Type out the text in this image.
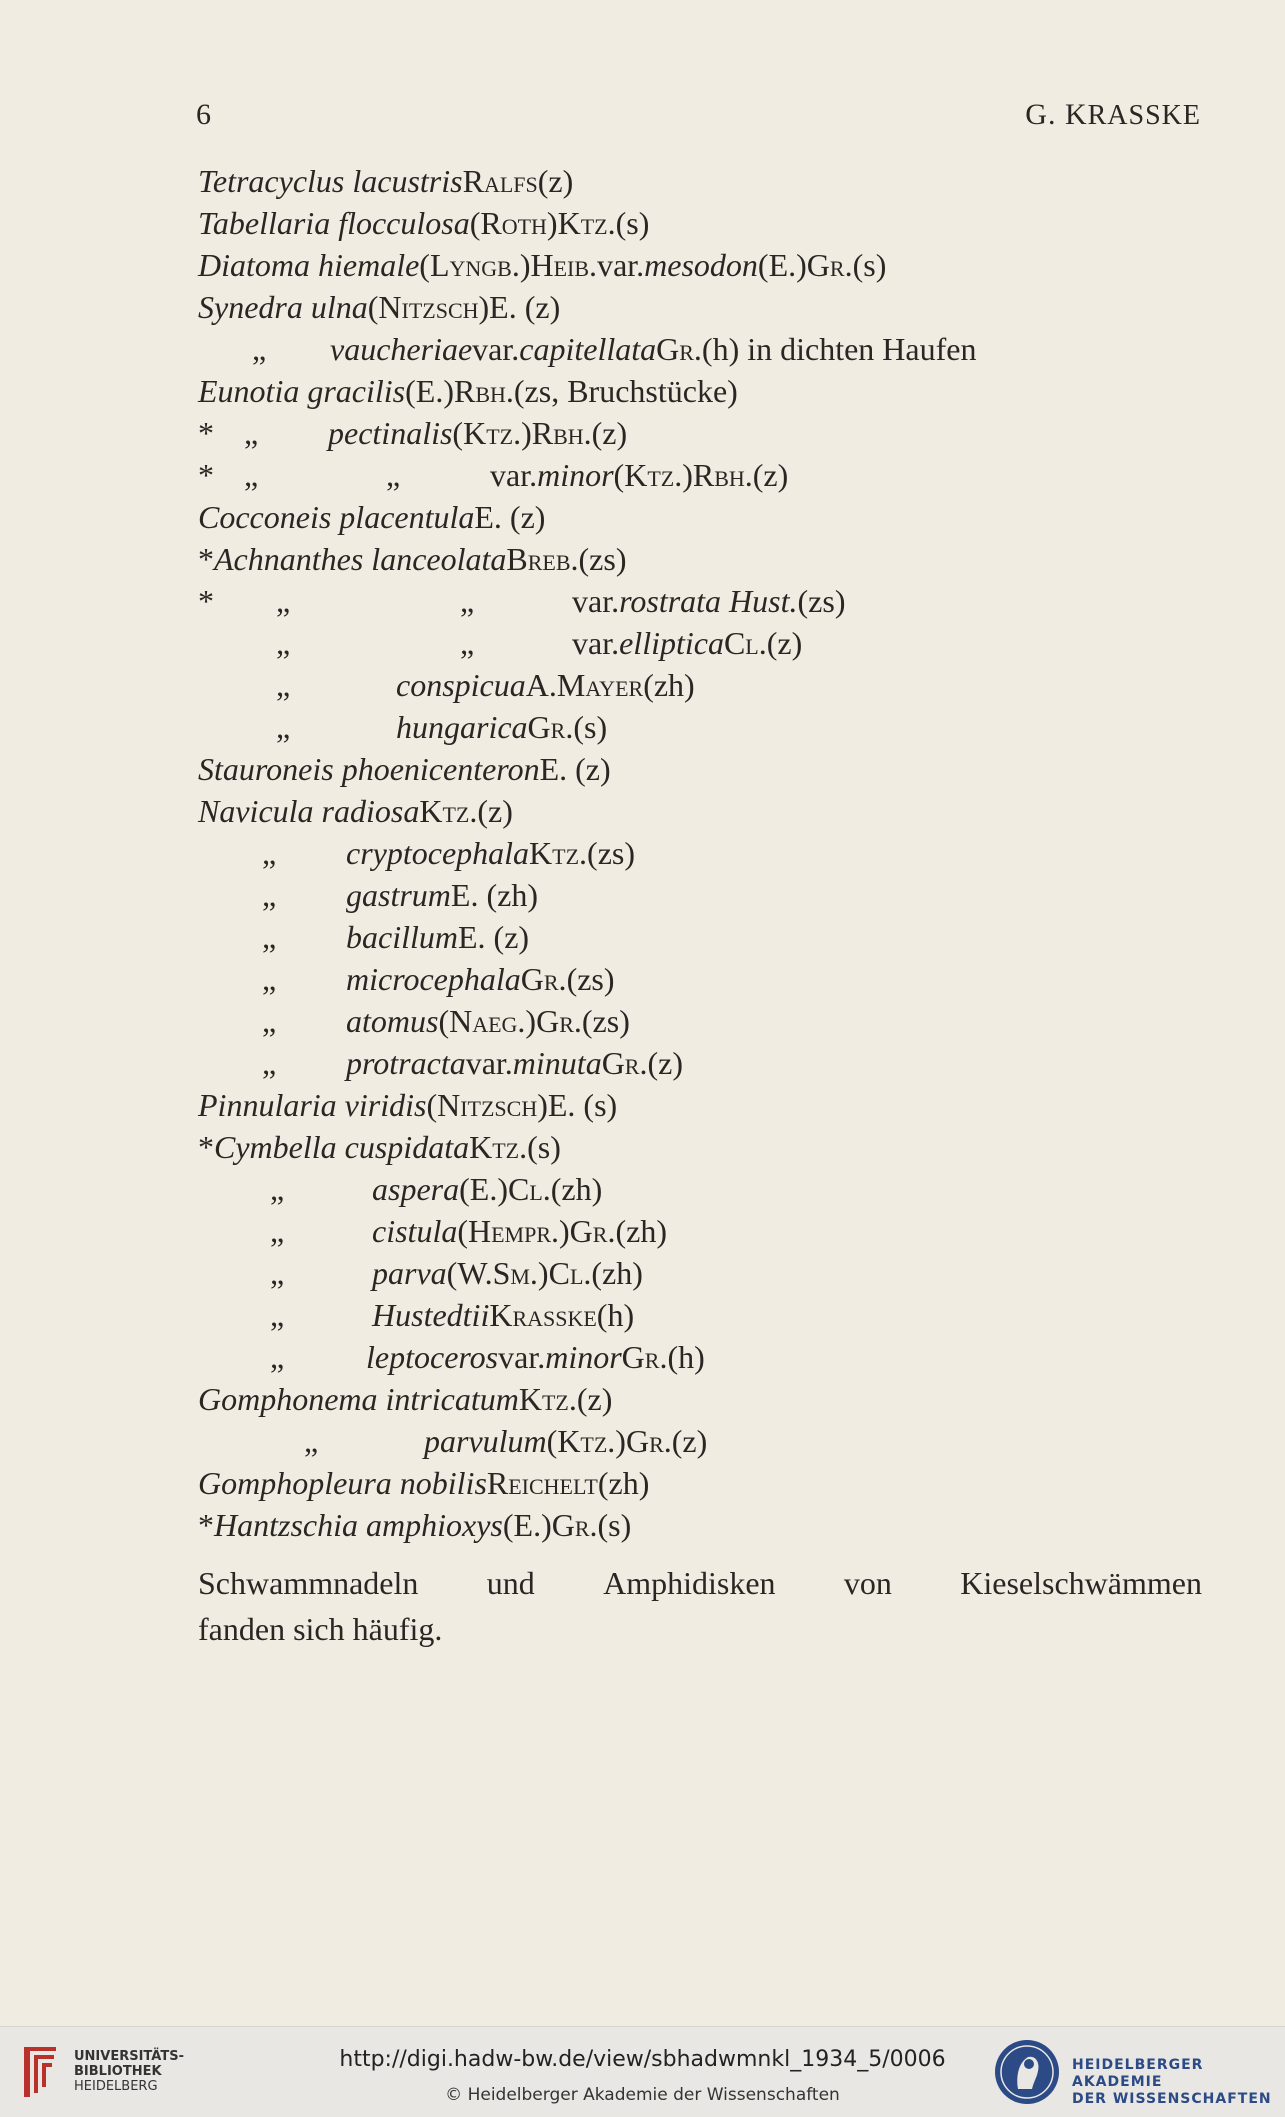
6	G. KRASSKE
Tetracyclus lacustris Ralfs (z)
Tabellaria flocculosa (Roth) Ktz. (s)
Diatoma hiemale (Lyngb.) Heib. var. mesodon (E.) Gr. (s)
Synedra ulna (Nitzsch) E. (z)
„ vaucheriae var. capitellata Gr. (h) in dichten Haufen
Eunotia gracilis (E.) Rbh. (zs, Bruchstücke)
* „ pectinalis (Ktz.) Rbh. (z)
* „	„	var. minor (Ktz.) Rbh. (z)
Cocconeis placentula E. (z)
* Achnanthes lanceolata Breb. (zs)
* „	„	var. rostrata Hust. (zs)
„	„	var. elliptica Cl. (z)
„	conspicua A. Mayer (zh)
„	hungarica Gr. (s)
Stauroneis phoenicenteron E. (z)
Navicula radiosa Ktz. (z)
„ cryptocephala Ktz. (zs)
„ gastrum E. (zh)
„ bacillum E. (z)
„ microcephala Gr. (zs)
„ atomus (Naeg.) Gr. (zs)
„ protracta var. minuta Gr. (z)
Pinnularia viridis (Nitzsch) E. (s)
* Cymbella cuspidata Ktz. (s)
„	aspera (E.) Cl. (zh)
„	cistula (Hempr.) Gr. (zh)
„	parva (W. Sm.) Cl. (zh)
„	Hustedtii Krasske (h)
„	leptoceros var. minor Gr. (h)
Gomphonema intricatum Ktz. (z)
„	parvulum (Ktz.) Gr. (z)
Gomphopleura nobilis Reichelt (zh)
* Hantzschia amphioxys (E.) Gr. (s)
Schwammnadeln und Amphidisken von Kieselschwämmen
fanden sich häufig.
UNIVERSITÄTS-
BIBLIOTHEK
HEIDELBERG
http://digi.hadw-bw.de/view/sbhadwmnkl_1934_5/0006
© Heidelberger Akademie der Wissenschaften
HEIDELBERGER AKADEMIE
DER WISSENSCHAFTEN
